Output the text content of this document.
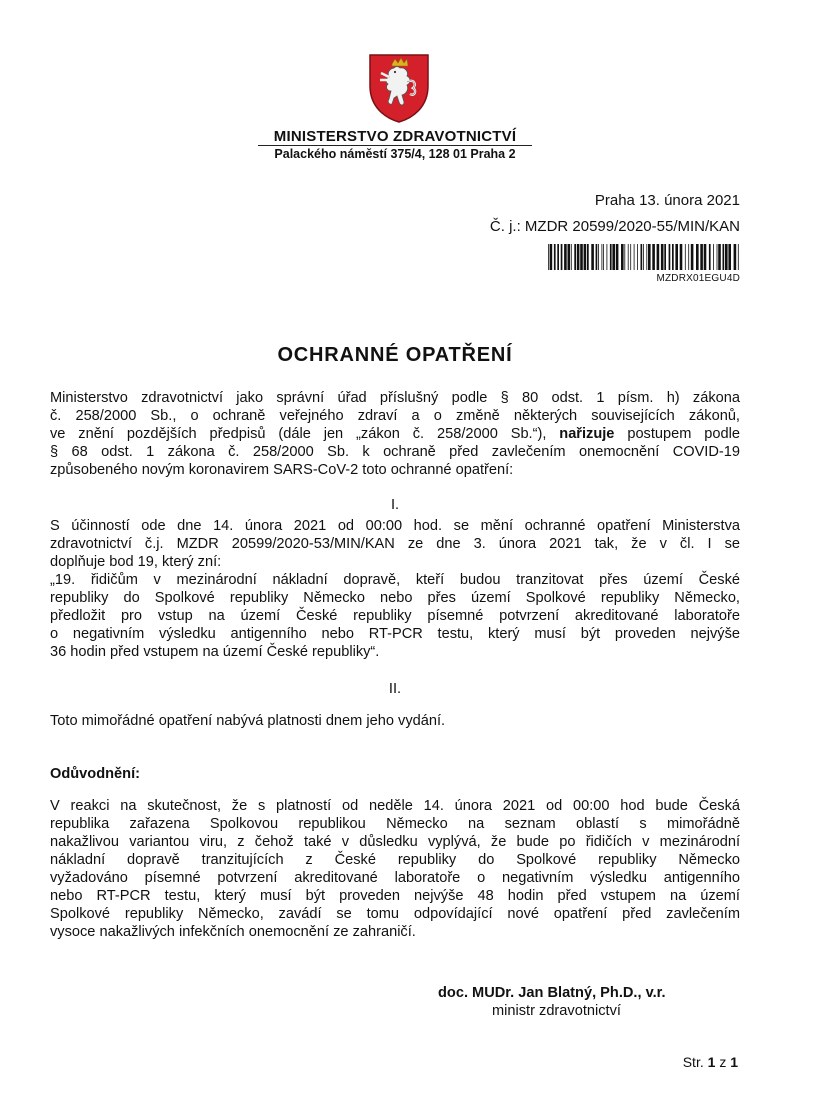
MINISTERSTVO ZDRAVOTNICTVÍ
Palackého náměstí 375/4, 128 01 Praha 2
Praha 13. února 2021
Č. j.: MZDR 20599/2020-55/MIN/KAN
MZDRX01EGU4D
OCHRANNÉ OPATŘENÍ
Ministerstvo zdravotnictví jako správní úřad příslušný podle § 80 odst. 1 písm. h) zákona
č. 258/2000 Sb., o ochraně veřejného zdraví a o změně některých souvisejících zákonů,
ve znění pozdějších předpisů (dále jen „zákon č. 258/2000 Sb.“), nařizuje postupem podle
§ 68 odst. 1 zákona č. 258/2000 Sb. k ochraně před zavlečením onemocnění COVID-19
způsobeného novým koronavirem SARS-CoV-2 toto ochranné opatření:
I.
S účinností ode dne 14. února 2021 od 00:00 hod. se mění ochranné opatření Ministerstva
zdravotnictví č.j. MZDR 20599/2020-53/MIN/KAN ze dne 3. února 2021 tak, že v čl. I se
doplňuje bod 19, který zní:
„19. řidičům v mezinárodní nákladní dopravě, kteří budou tranzitovat přes území České
republiky do Spolkové republiky Německo nebo přes území Spolkové republiky Německo,
předložit pro vstup na území České republiky písemné potvrzení akreditované laboratoře
o negativním výsledku antigenního nebo RT-PCR testu, který musí být proveden nejvýše
36 hodin před vstupem na území České republiky“.
II.
Toto mimořádné opatření nabývá platnosti dnem jeho vydání.
Odůvodnění:
V reakci na skutečnost, že s platností od neděle 14. února 2021 od 00:00 hod bude Česká
republika zařazena Spolkovou republikou Německo na seznam oblastí s mimořádně
nakažlivou variantou viru, z čehož také v důsledku vyplývá, že bude po řidičích v mezinárodní
nákladní dopravě tranzitujících z České republiky do Spolkové republiky Německo
vyžadováno písemné potvrzení akreditované laboratoře o negativním výsledku antigenního
nebo RT-PCR testu, který musí být proveden nejvýše 48 hodin před vstupem na území
Spolkové republiky Německo, zavádí se tomu odpovídající nové opatření před zavlečením
vysoce nakažlivých infekčních onemocnění ze zahraničí.
doc. MUDr. Jan Blatný, Ph.D., v.r.
ministr zdravotnictví
Str. 1 z 1
